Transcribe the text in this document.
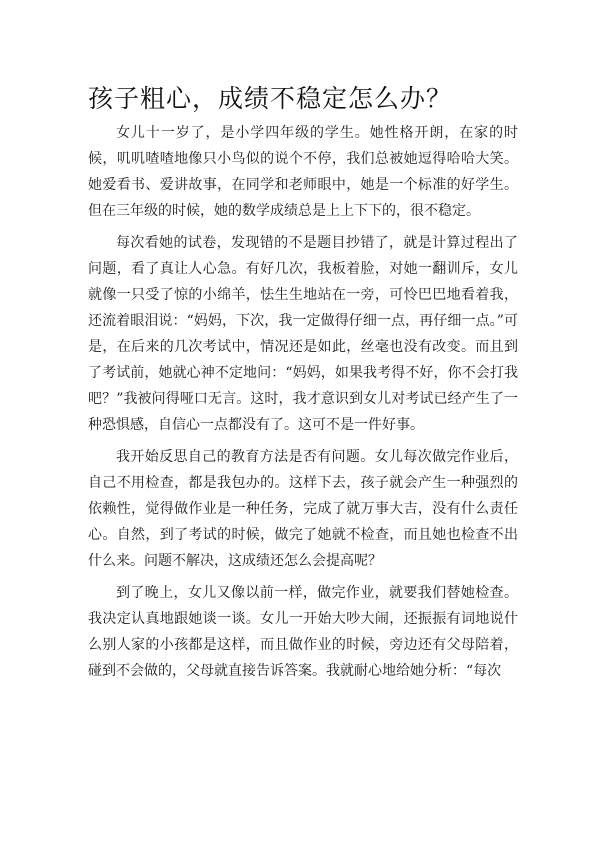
孩子粗心，成绩不稳定怎么办？

女儿十一岁了，是小学四年级的学生。她性格开朗，在家的时候，叽叽喳喳地像只小鸟似的说个不停，我们总被她逗得哈哈大笑。她爱看书、爱讲故事，在同学和老师眼中，她是一个标准的好学生。但在三年级的时候，她的数学成绩总是上上下下的，很不稳定。

每次看她的试卷，发现错的不是题目抄错了，就是计算过程出了问题，看了真让人心急。有好几次，我板着脸，对她一翻训斥，女儿就像一只受了惊的小绵羊，怯生生地站在一旁，可怜巴巴地看着我，还流着眼泪说：“妈妈，下次，我一定做得仔细一点，再仔细一点。”可是，在后来的几次考试中，情况还是如此，丝毫也没有改变。而且到了考试前，她就心神不定地问：“妈妈，如果我考得不好，你不会打我吧？”我被问得哑口无言。这时，我才意识到女儿对考试已经产生了一种恐惧感，自信心一点都没有了。这可不是一件好事。

我开始反思自己的教育方法是否有问题。女儿每次做完作业后，自己不用检查，都是我包办的。这样下去，孩子就会产生一种强烈的依赖性，觉得做作业是一种任务，完成了就万事大吉，没有什么责任心。自然，到了考试的时候，做完了她就不检查，而且她也检查不出什么来。问题不解决，这成绩还怎么会提高呢？

到了晚上，女儿又像以前一样，做完作业，就要我们替她检查。我决定认真地跟她谈一谈。女儿一开始大吵大闹，还振振有词地说什么别人家的小孩都是这样，而且做作业的时候，旁边还有父母陪着，碰到不会做的，父母就直接告诉答案。我就耐心地给她分析：“每次
